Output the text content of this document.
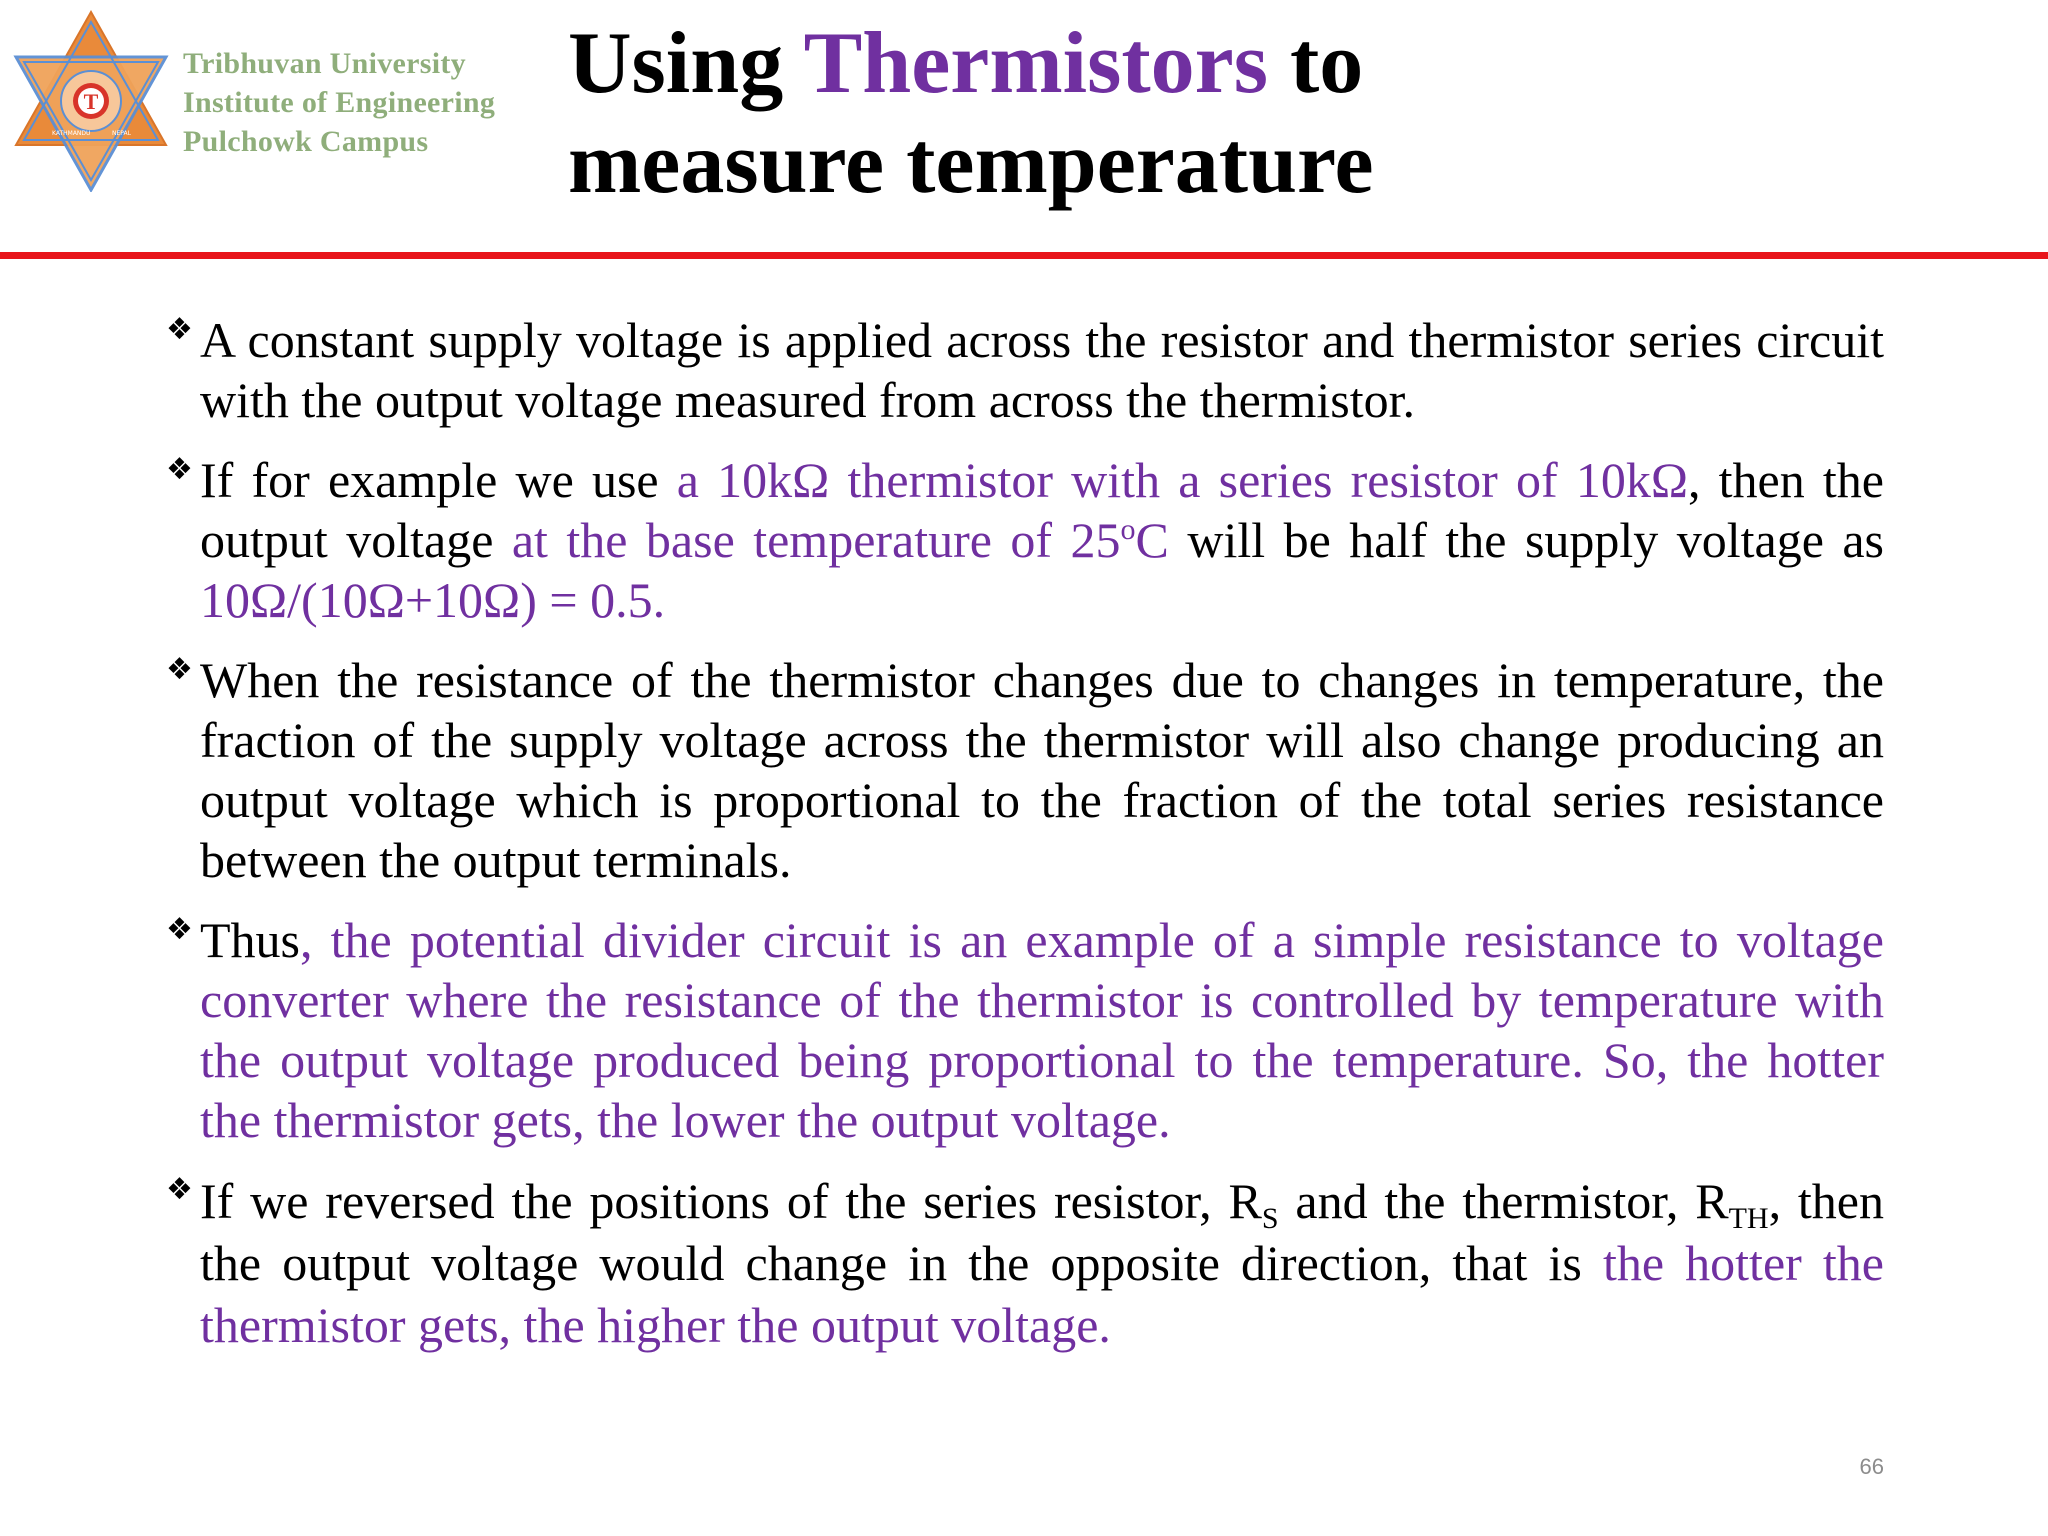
T
KATHMANDU	NEPAL
Tribhuvan University
Institute of Engineering
Pulchowk Campus
Using Thermistors to
measure temperature

❖ A constant supply voltage is applied across the resistor and thermistor series circuit with the output voltage measured from across the thermistor.

❖ If for example we use a 10kΩ thermistor with a series resistor of 10kΩ, then the output voltage at the base temperature of 25$^o$C will be half the supply voltage as 10Ω/(10Ω+10Ω) = 0.5.

❖ When the resistance of the thermistor changes due to changes in temperature, the fraction of the supply voltage across the thermistor will also change producing an output voltage which is proportional to the fraction of the total series resistance between the output terminals.

❖ Thus, the potential divider circuit is an example of a simple resistance to voltage converter where the resistance of the thermistor is controlled by temperature with the output voltage produced being proportional to the temperature. So, the hotter the thermistor gets, the lower the output voltage.

❖ If we reversed the positions of the series resistor, $R_S$ and the thermistor, $R_{TH}$, then the output voltage would change in the opposite direction, that is the hotter the thermistor gets, the higher the output voltage.

66
